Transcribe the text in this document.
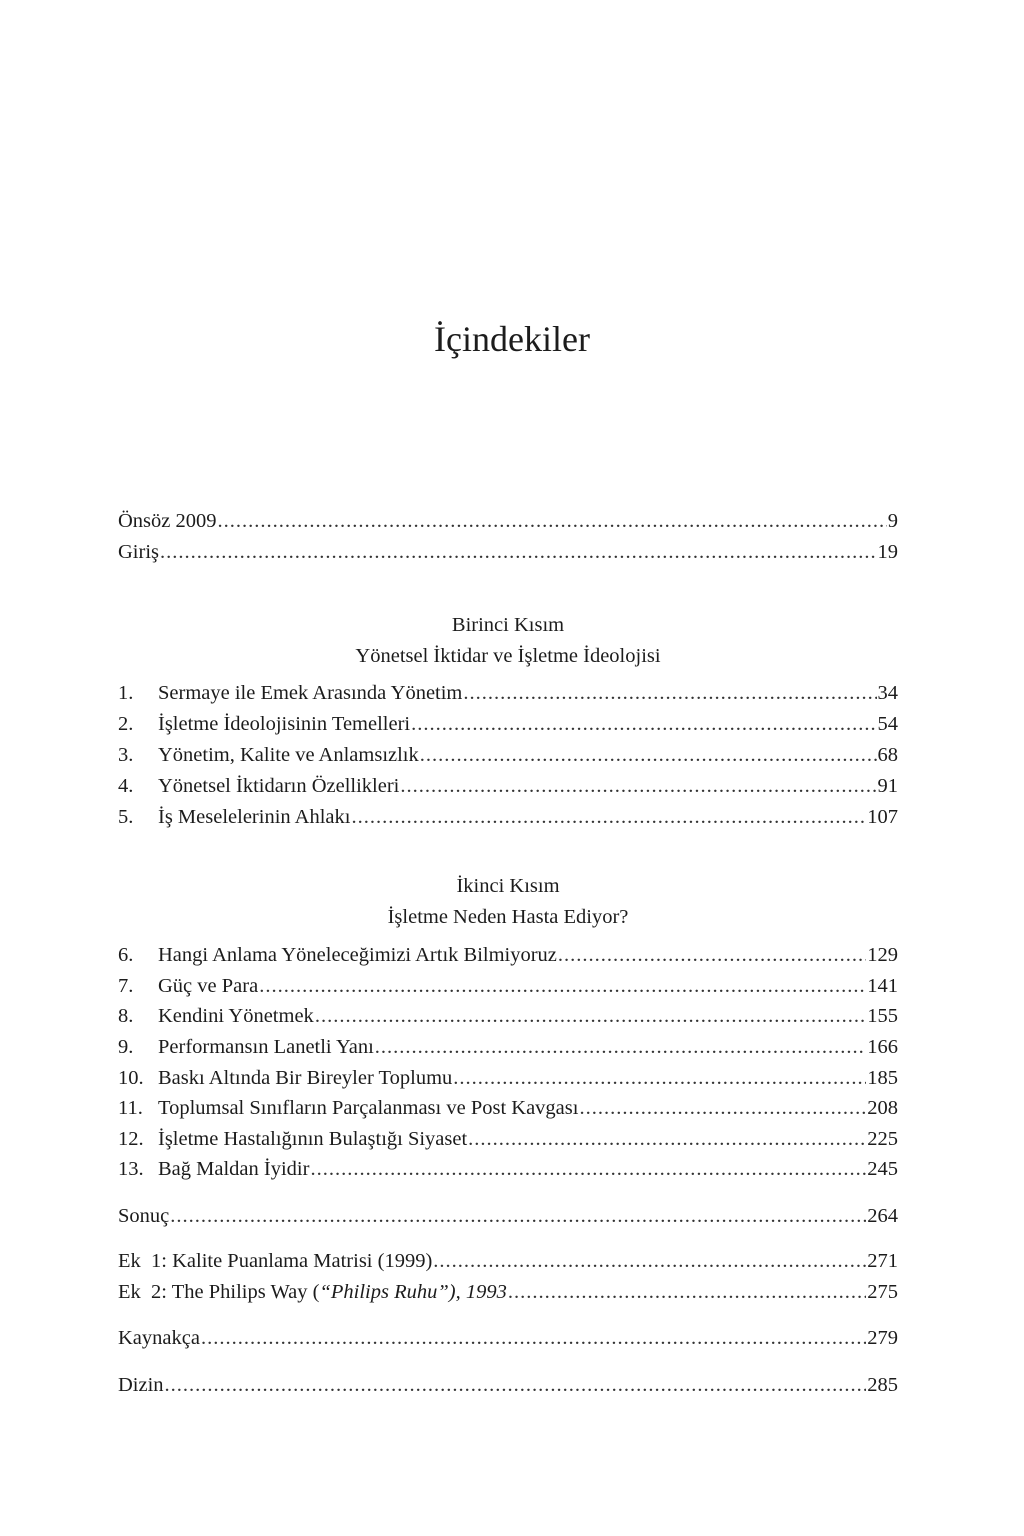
İçindekiler
Önsöz 2009 .....	9
Giriş .....	19
Birinci Kısım
Yönetsel İktidar ve İşletme İdeolojisi
1.	Sermaye ile Emek Arasında Yönetim .....	34
2.	İşletme İdeolojisinin Temelleri .....	54
3.	Yönetim, Kalite ve Anlamsızlık .....	68
4.	Yönetsel İktidarın Özellikleri .....	91
5.	İş Meselelerinin Ahlakı .....	107
İkinci Kısım
İşletme Neden Hasta Ediyor?
6.	Hangi Anlama Yöneleceğimizi Artık Bilmiyoruz .....	129
7.	Güç ve Para .....	141
8.	Kendini Yönetmek .....	155
9.	Performansın Lanetli Yanı .....	166
10. Baskı Altında Bir Bireyler Toplumu .....	185
11. Toplumsal Sınıfların Parçalanması ve Post Kavgası .....	208
12. İşletme Hastalığının Bulaştığı Siyaset .....	225
13. Bağ Maldan İyidir .....	245
Sonuç .....	264
Ek  1: Kalite Puanlama Matrisi (1999) .....	271
Ek  2: The Philips Way (“Philips Ruhu”), 1993 .....	275
Kaynakça .....	279
Dizin .....	285
